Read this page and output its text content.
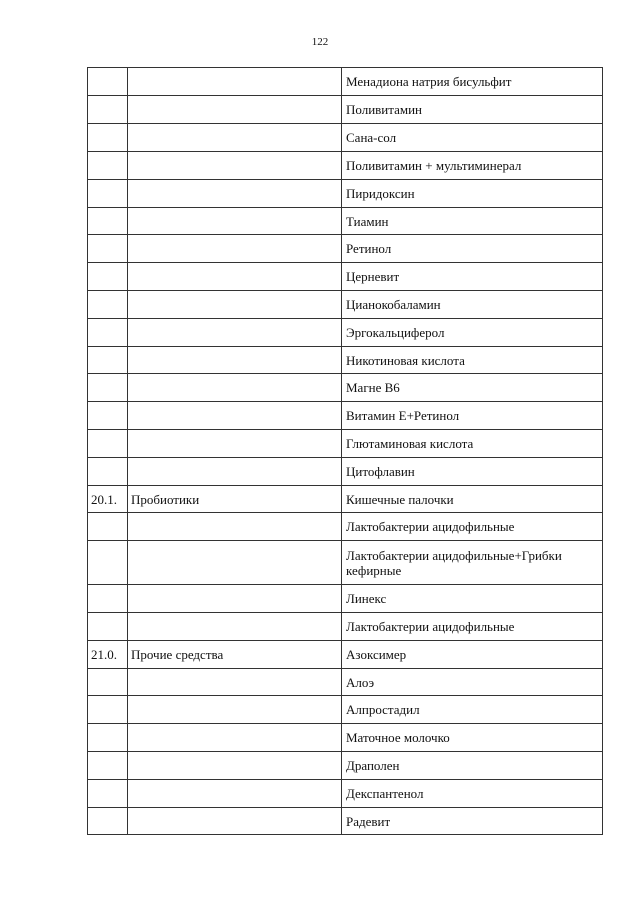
122
		Менадиона натрия бисульфит
		Поливитамин
		Сана-сол
		Поливитамин + мультиминерал
		Пиридоксин
		Тиамин
		Ретинол
		Церневит
		Цианокобаламин
		Эргокальциферол
		Никотиновая кислота
		Магне В6
		Витамин Е+Ретинол
		Глютаминовая кислота
		Цитофлавин
20.1.	Пробиотики	Кишечные палочки
		Лактобактерии ацидофильные
		Лактобактерии ацидофильные+Грибки кефирные
		Линекс
		Лактобактерии ацидофильные
21.0.	Прочие средства	Азоксимер
		Алоэ
		Алпростадил
		Маточное молочко
		Драполен
		Декспантенол
		Радевит
